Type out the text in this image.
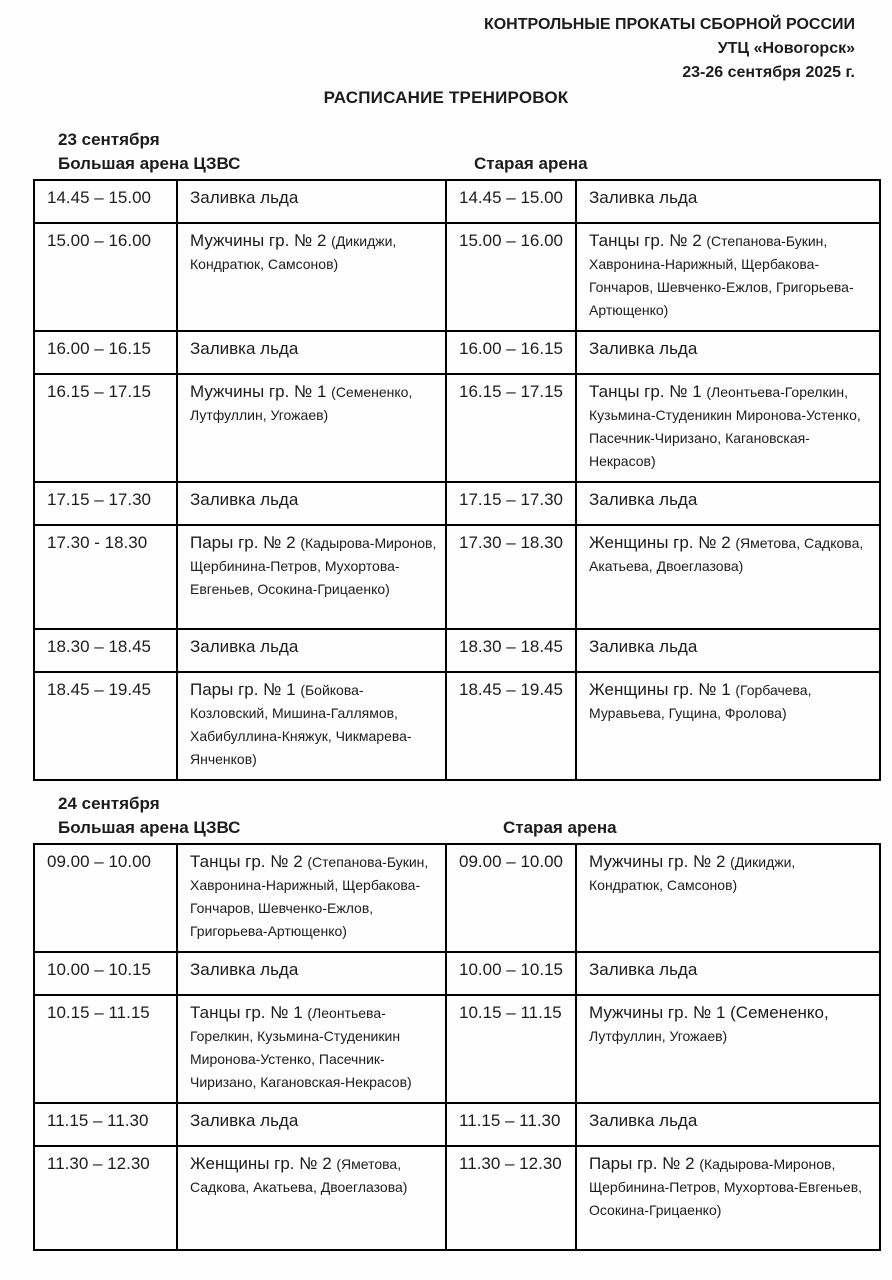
КОНТРОЛЬНЫЕ ПРОКАТЫ СБОРНОЙ РОССИИ
УТЦ «Новогорск»
23-26 сентября 2025 г.
РАСПИСАНИЕ ТРЕНИРОВОК
23 сентября
Большая арена ЦЗВС	Старая арена
14.45 – 15.00	Заливка льда	14.45 – 15.00	Заливка льда
15.00 – 16.00	Мужчины гр. № 2 (Дикиджи, Кондратюк, Самсонов)	15.00 – 16.00	Танцы гр. № 2 (Степанова-Букин, Хавронина-Нарижный, Щербакова-Гончаров, Шевченко-Ежлов, Григорьева-Артющенко)
16.00 – 16.15	Заливка льда	16.00 – 16.15	Заливка льда
16.15 – 17.15	Мужчины гр. № 1 (Семененко, Лутфуллин, Угожаев)	16.15 – 17.15	Танцы гр. № 1 (Леонтьева-Горелкин, Кузьмина-Студеникин Миронова-Устенко, Пасечник-Чиризано, Кагановская-Некрасов)
17.15 – 17.30	Заливка льда	17.15 – 17.30	Заливка льда
17.30 - 18.30	Пары гр. № 2 (Кадырова-Миронов, Щербинина-Петров, Мухортова-Евгеньев, Осокина-Грицаенко)	17.30 – 18.30	Женщины гр. № 2 (Яметова, Садкова, Акатьева, Двоеглазова)
18.30 – 18.45	Заливка льда	18.30 – 18.45	Заливка льда
18.45 – 19.45	Пары гр. № 1 (Бойкова-Козловский, Мишина-Галлямов, Хабибуллина-Княжук, Чикмарева-Янченков)	18.45 – 19.45	Женщины гр. № 1 (Горбачева, Муравьева, Гущина, Фролова)
24 сентября
Большая арена ЦЗВС	Старая арена
09.00 – 10.00	Танцы гр. № 2 (Степанова-Букин, Хавронина-Нарижный, Щербакова-Гончаров, Шевченко-Ежлов, Григорьева-Артющенко)	09.00 – 10.00	Мужчины гр. № 2 (Дикиджи, Кондратюк, Самсонов)
10.00 – 10.15	Заливка льда	10.00 – 10.15	Заливка льда
10.15 – 11.15	Танцы гр. № 1 (Леонтьева-Горелкин, Кузьмина-Студеникин Миронова-Устенко, Пасечник-Чиризано, Кагановская-Некрасов)	10.15 – 11.15	Мужчины гр. № 1 (Семененко, Лутфуллин, Угожаев)
11.15 – 11.30	Заливка льда	11.15 – 11.30	Заливка льда
11.30 – 12.30	Женщины гр. № 2 (Яметова, Садкова, Акатьева, Двоеглазова)	11.30 – 12.30	Пары гр. № 2 (Кадырова-Миронов, Щербинина-Петров, Мухортова-Евгеньев, Осокина-Грицаенко)
